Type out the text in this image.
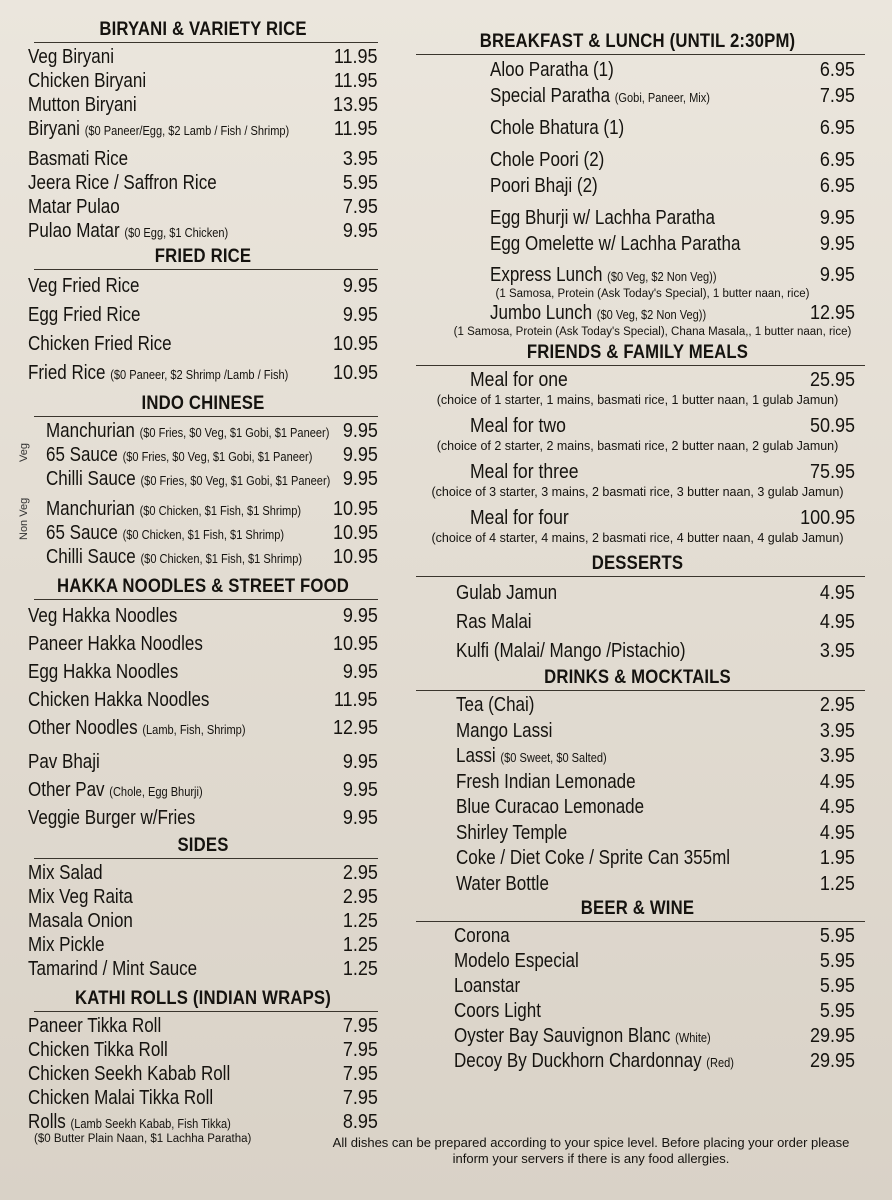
BIRYANI & VARIETY RICE
Veg Biryani	11.95
Chicken Biryani	11.95
Mutton Biryani	13.95
Biryani ($0 Paneer/Egg, $2 Lamb / Fish / Shrimp) 11.95
Basmati Rice	3.95
Jeera Rice / Saffron Rice	5.95
Matar Pulao	7.95
Pulao Matar ($0 Egg, $1 Chicken)	9.95
FRIED RICE
Veg Fried Rice	9.95
Egg Fried Rice	9.95
Chicken Fried Rice	10.95
Fried Rice ($0 Paneer, $2 Shrimp /Lamb / Fish) 10.95
INDO CHINESE
Veg
Non Veg
Manchurian ($0 Fries, $0 Veg, $1 Gobi, $1 Paneer) 9.95
65 Sauce ($0 Fries, $0 Veg, $1 Gobi, $1 Paneer) 9.95
Chilli Sauce ($0 Fries, $0 Veg, $1 Gobi, $1 Paneer) 9.95
Manchurian ($0 Chicken, $1 Fish, $1 Shrimp) 10.95
65 Sauce ($0 Chicken, $1 Fish, $1 Shrimp) 10.95
Chilli Sauce ($0 Chicken, $1 Fish, $1 Shrimp) 10.95
HAKKA NOODLES & STREET FOOD
Veg Hakka Noodles	9.95
Paneer Hakka Noodles	10.95
Egg Hakka Noodles	9.95
Chicken Hakka Noodles	11.95
Other Noodles (Lamb, Fish, Shrimp)	12.95
Pav Bhaji	9.95
Other Pav (Chole, Egg Bhurji)	9.95
Veggie Burger w/Fries	9.95
SIDES
Mix Salad	2.95
Mix Veg Raita	2.95
Masala Onion	1.25
Mix Pickle	1.25
Tamarind / Mint Sauce	1.25
KATHI ROLLS (INDIAN WRAPS)
Paneer Tikka Roll	7.95
Chicken Tikka Roll	7.95
Chicken Seekh Kabab Roll	7.95
Chicken Malai Tikka Roll	7.95
Rolls (Lamb Seekh Kabab, Fish Tikka)	8.95
($0 Butter Plain Naan, $1 Lachha Paratha)
BREAKFAST & LUNCH (UNTIL 2:30PM)
Aloo Paratha (1)	6.95
Special Paratha (Gobi, Paneer, Mix)	7.95
Chole Bhatura (1)	6.95
Chole Poori (2)	6.95
Poori Bhaji (2)	6.95
Egg Bhurji w/ Lachha Paratha	9.95
Egg Omelette w/ Lachha Paratha	9.95
Express Lunch ($0 Veg, $2 Non Veg))	9.95
(1 Samosa, Protein (Ask Today's Special), 1 butter naan, rice)
Jumbo Lunch ($0 Veg, $2 Non Veg))	12.95
(1 Samosa, Protein (Ask Today's Special), Chana Masala,, 1 butter naan, rice)
FRIENDS & FAMILY MEALS
Meal for one	25.95
(choice of 1 starter, 1 mains, basmati rice, 1 butter naan, 1 gulab Jamun)
Meal for two	50.95
(choice of 2 starter, 2 mains, basmati rice, 2 butter naan, 2 gulab Jamun)
Meal for three	75.95
(choice of 3 starter, 3 mains, 2 basmati rice, 3 butter naan, 3 gulab Jamun)
Meal for four	100.95
(choice of 4 starter, 4 mains, 2 basmati rice, 4 butter naan, 4 gulab Jamun)
DESSERTS
Gulab Jamun	4.95
Ras Malai	4.95
Kulfi (Malai/ Mango /Pistachio)	3.95
DRINKS & MOCKTAILS
Tea (Chai)	2.95
Mango Lassi	3.95
Lassi ($0 Sweet, $0 Salted)	3.95
Fresh Indian Lemonade	4.95
Blue Curacao Lemonade	4.95
Shirley Temple	4.95
Coke / Diet Coke / Sprite Can 355ml	1.95
Water Bottle	1.25
BEER & WINE
Corona	5.95
Modelo Especial	5.95
Loanstar	5.95
Coors Light	5.95
Oyster Bay Sauvignon Blanc (White)	29.95
Decoy By Duckhorn Chardonnay (Red)	29.95
All dishes can be prepared according to your spice level. Before placing your order please inform your servers if there is any food allergies.
